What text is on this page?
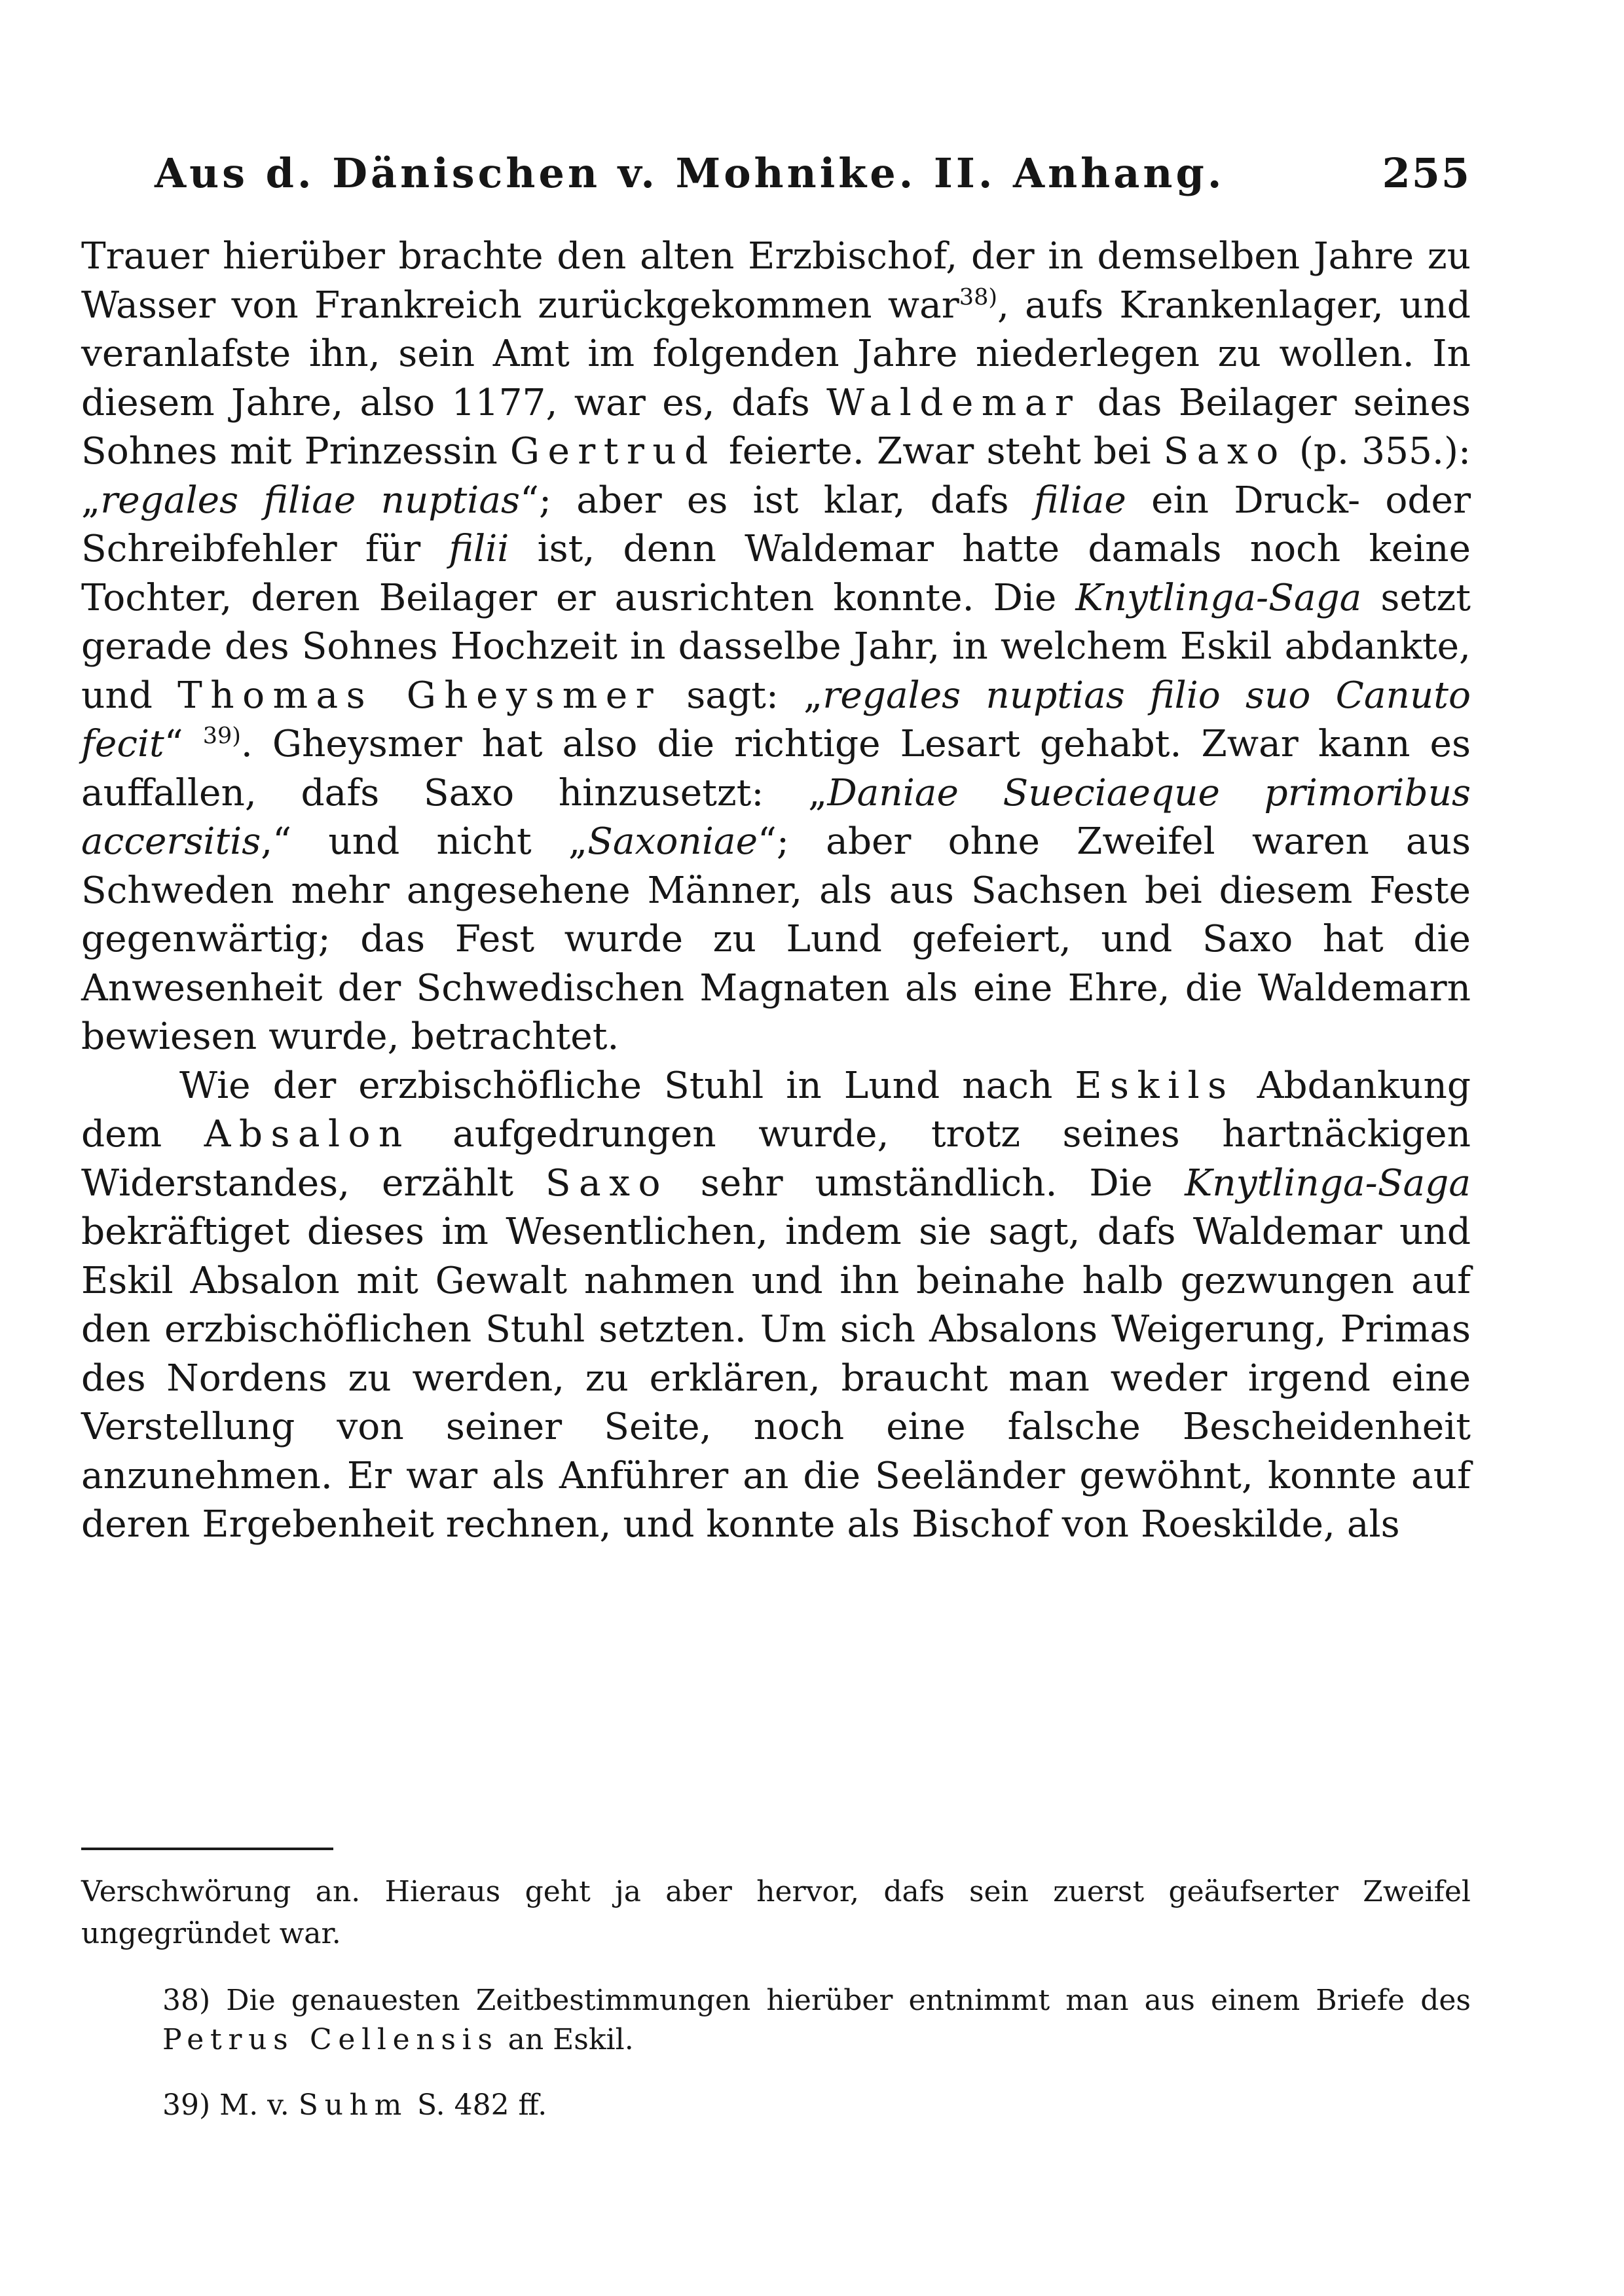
Aus d. Dänischen v. Mohnike. II. Anhang.	255

Trauer hierüber brachte den alten Erzbischof, der in demselben Jahre zu Wasser von Frankreich zurückgekommen war$^{38)}$, aufs Krankenlager, und veranlafste ihn, sein Amt im folgenden Jahre niederlegen zu wollen. In diesem Jahre, also 1177, war es, dafs Waldemar das Beilager seines Sohnes mit Prinzessin Gertrud feierte. Zwar steht bei Saxo (p. 355.): „regales filiae nuptias“; aber es ist klar, dafs filiae ein Druck- oder Schreibfehler für filii ist, denn Waldemar hatte damals noch keine Tochter, deren Beilager er ausrichten konnte. Die Knytlinga-Saga setzt gerade des Sohnes Hochzeit in dasselbe Jahr, in welchem Eskil abdankte, und Thomas Gheysmer sagt: „regales nuptias filio suo Canuto fecit“ $^{39)}$. Gheysmer hat also die richtige Lesart gehabt. Zwar kann es auffallen, dafs Saxo hinzusetzt: „Daniae Sueciaeque primoribus accersitis,“ und nicht „Saxoniae“; aber ohne Zweifel waren aus Schweden mehr angesehene Männer, als aus Sachsen bei diesem Feste gegenwärtig; das Fest wurde zu Lund gefeiert, und Saxo hat die Anwesenheit der Schwedischen Magnaten als eine Ehre, die Waldemarn bewiesen wurde, betrachtet.

Wie der erzbischöfliche Stuhl in Lund nach Eskils Abdankung dem Absalon aufgedrungen wurde, trotz seines hartnäckigen Widerstandes, erzählt Saxo sehr umständlich. Die Knytlinga-Saga bekräftiget dieses im Wesentlichen, indem sie sagt, dafs Waldemar und Eskil Absalon mit Gewalt nahmen und ihn beinahe halb gezwungen auf den erzbischöflichen Stuhl setzten. Um sich Absalons Weigerung, Primas des Nordens zu werden, zu erklären, braucht man weder irgend eine Verstellung von seiner Seite, noch eine falsche Bescheidenheit anzunehmen. Er war als Anführer an die Seeländer gewöhnt, konnte auf deren Ergebenheit rechnen, und konnte als Bischof von Roeskilde, als

Verschwörung an. Hieraus geht ja aber hervor, dafs sein zuerst geäufserter Zweifel ungegründet war.

38) Die genauesten Zeitbestimmungen hierüber entnimmt man aus einem Briefe des Petrus Cellensis an Eskil.

39) M. v. Suhm S. 482 ff.
